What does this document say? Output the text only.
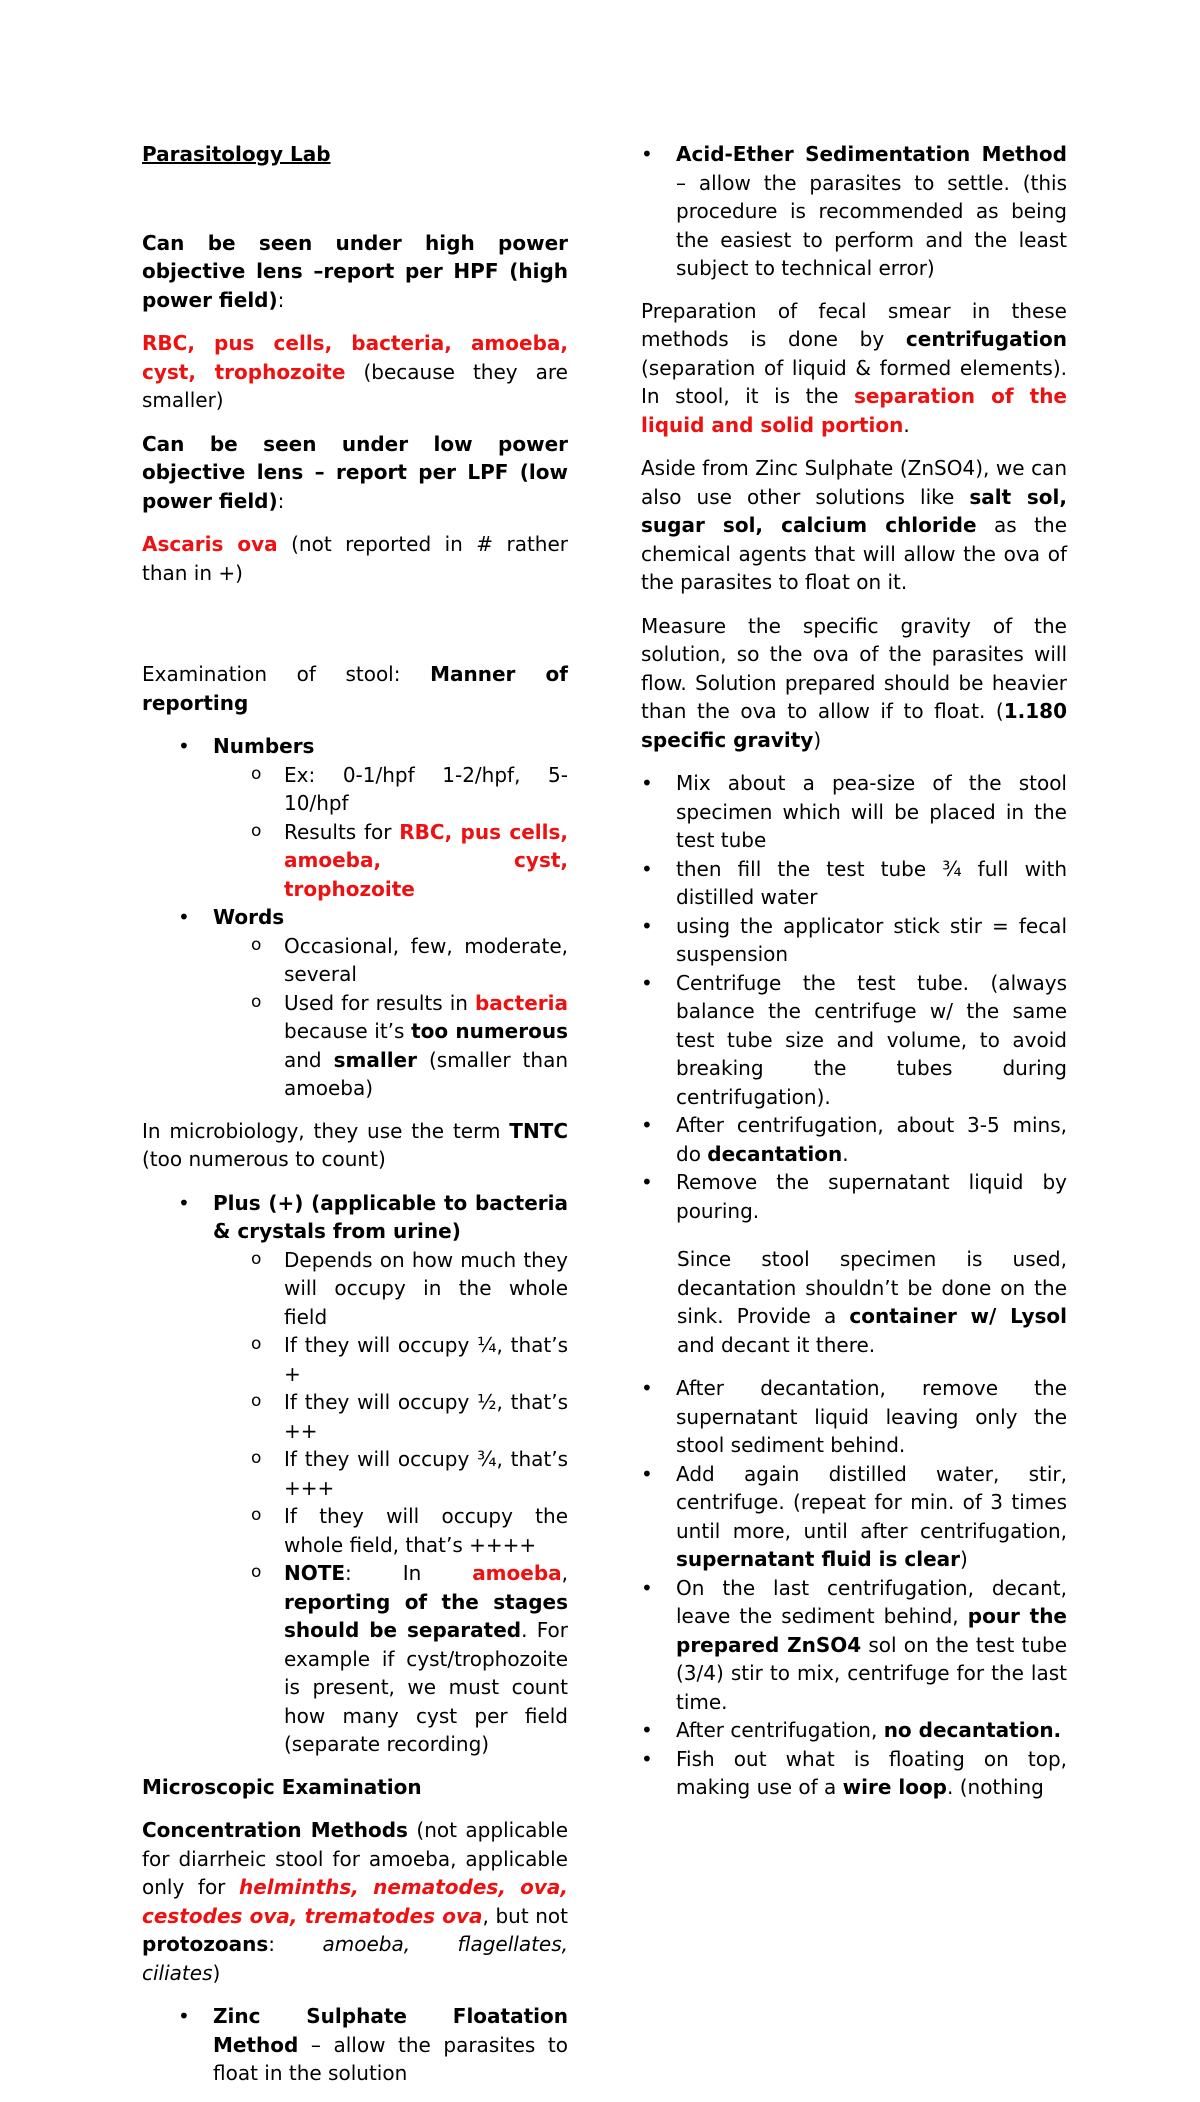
Parasitology Lab

Can be seen under high power objective lens –report per HPF (high power field):

RBC, pus cells, bacteria, amoeba, cyst, trophozoite (because they are smaller)

Can be seen under low power objective lens – report per LPF (low power field):

Ascaris ova (not reported in # rather than in +)

Examination of stool: Manner of reporting

• Numbers
o Ex: 0-1/hpf 1-2/hpf, 5-10/hpf
o Results for RBC, pus cells, amoeba, cyst, trophozoite
• Words
o Occasional, few, moderate, several
o Used for results in bacteria because it’s too numerous and smaller (smaller than amoeba)

In microbiology, they use the term TNTC (too numerous to count)

• Plus (+) (applicable to bacteria & crystals from urine)
o Depends on how much they will occupy in the whole field
o If they will occupy ¼, that’s +
o If they will occupy ½, that’s ++
o If they will occupy ¾, that’s +++
o If they will occupy the whole field, that’s ++++
o NOTE: In amoeba, reporting of the stages should be separated. For example if cyst/trophozoite is present, we must count how many cyst per field (separate recording)

Microscopic Examination

Concentration Methods (not applicable for diarrheic stool for amoeba, applicable only for helminths, nematodes, ova, cestodes ova, trematodes ova, but not protozoans: amoeba, flagellates, ciliates)

• Zinc Sulphate Floatation Method – allow the parasites to float in the solution
• Acid-Ether Sedimentation Method – allow the parasites to settle. (this procedure is recommended as being the easiest to perform and the least subject to technical error)

Preparation of fecal smear in these methods is done by centrifugation (separation of liquid & formed elements). In stool, it is the separation of the liquid and solid portion.

Aside from Zinc Sulphate (ZnSO4), we can also use other solutions like salt sol, sugar sol, calcium chloride as the chemical agents that will allow the ova of the parasites to float on it.

Measure the specific gravity of the solution, so the ova of the parasites will flow. Solution prepared should be heavier than the ova to allow if to float. (1.180 specific gravity)

• Mix about a pea-size of the stool specimen which will be placed in the test tube
• then fill the test tube ¾ full with distilled water
• using the applicator stick stir = fecal suspension
• Centrifuge the test tube. (always balance the centrifuge w/ the same test tube size and volume, to avoid breaking the tubes during centrifugation).
• After centrifugation, about 3-5 mins, do decantation.
• Remove the supernatant liquid by pouring.

Since stool specimen is used, decantation shouldn’t be done on the sink. Provide a container w/ Lysol and decant it there.

• After decantation, remove the supernatant liquid leaving only the stool sediment behind.
• Add again distilled water, stir, centrifuge. (repeat for min. of 3 times until more, until after centrifugation, supernatant fluid is clear)
• On the last centrifugation, decant, leave the sediment behind, pour the prepared ZnSO4 sol on the test tube (3/4) stir to mix, centrifuge for the last time.
• After centrifugation, no decantation.
• Fish out what is floating on top, making use of a wire loop. (nothing
